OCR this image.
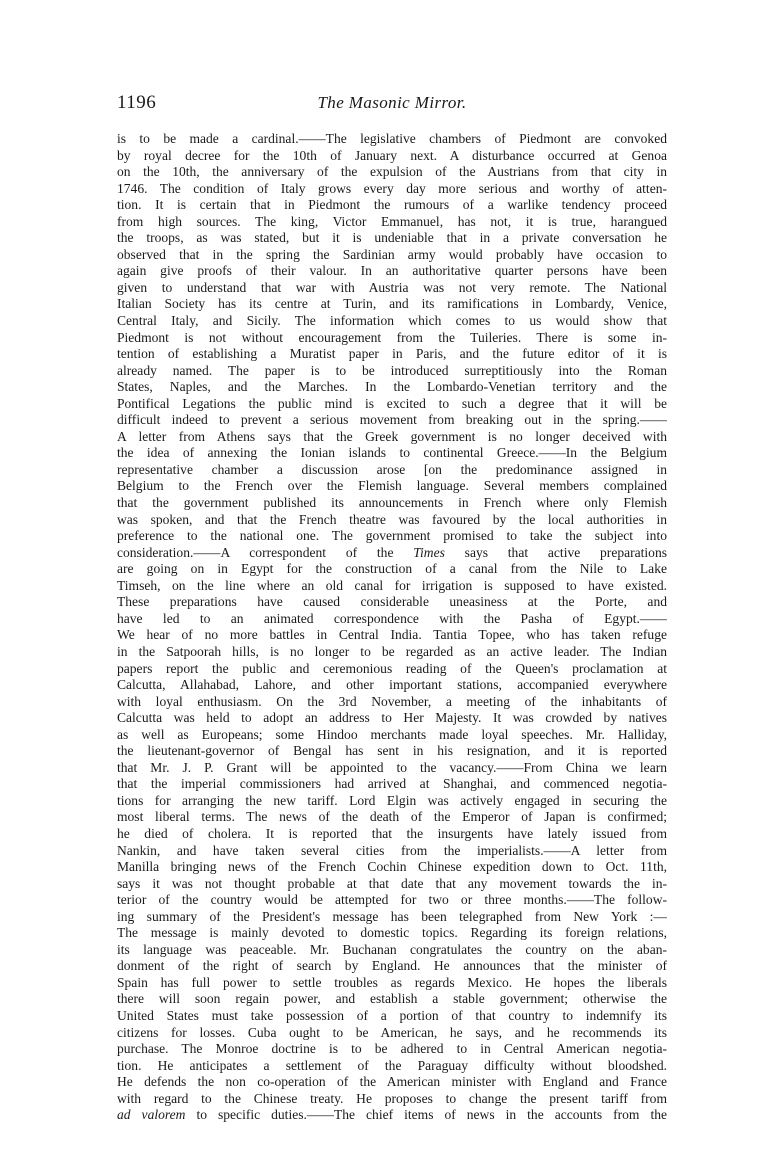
1196	The Masonic Mirror.
is to be made a cardinal.——The legislative chambers of Piedmont are convoked
by royal decree for the 10th of January next. A disturbance occurred at Genoa
on the 10th, the anniversary of the expulsion of the Austrians from that city in
1746. The condition of Italy grows every day more serious and worthy of atten-
tion. It is certain that in Piedmont the rumours of a warlike tendency proceed
from high sources. The king, Victor Emmanuel, has not, it is true, harangued
the troops, as was stated, but it is undeniable that in a private conversation he
observed that in the spring the Sardinian army would probably have occasion to
again give proofs of their valour. In an authoritative quarter persons have been
given to understand that war with Austria was not very remote. The National
Italian Society has its centre at Turin, and its ramifications in Lombardy, Venice,
Central Italy, and Sicily. The information which comes to us would show that
Piedmont is not without encouragement from the Tuileries. There is some in-
tention of establishing a Muratist paper in Paris, and the future editor of it is
already named. The paper is to be introduced surreptitiously into the Roman
States, Naples, and the Marches. In the Lombardo-Venetian territory and the
Pontifical Legations the public mind is excited to such a degree that it will be
difficult indeed to prevent a serious movement from breaking out in the spring.——
A letter from Athens says that the Greek government is no longer deceived with
the idea of annexing the Ionian islands to continental Greece.——In the Belgium
representative chamber a discussion arose [on the predominance assigned in
Belgium to the French over the Flemish language. Several members complained
that the government published its announcements in French where only Flemish
was spoken, and that the French theatre was favoured by the local authorities in
preference to the national one. The government promised to take the subject into
consideration.——A correspondent of the Times says that active preparations
are going on in Egypt for the construction of a canal from the Nile to Lake
Timseh, on the line where an old canal for irrigation is supposed to have existed.
These preparations have caused considerable uneasiness at the Porte, and
have led to an animated correspondence with the Pasha of Egypt.——
We hear of no more battles in Central India. Tantia Topee, who has taken refuge
in the Satpoorah hills, is no longer to be regarded as an active leader. The Indian
papers report the public and ceremonious reading of the Queen's proclamation at
Calcutta, Allahabad, Lahore, and other important stations, accompanied everywhere
with loyal enthusiasm. On the 3rd November, a meeting of the inhabitants of
Calcutta was held to adopt an address to Her Majesty. It was crowded by natives
as well as Europeans; some Hindoo merchants made loyal speeches. Mr. Halliday,
the lieutenant-governor of Bengal has sent in his resignation, and it is reported
that Mr. J. P. Grant will be appointed to the vacancy.——From China we learn
that the imperial commissioners had arrived at Shanghai, and commenced negotia-
tions for arranging the new tariff. Lord Elgin was actively engaged in securing the
most liberal terms. The news of the death of the Emperor of Japan is confirmed;
he died of cholera. It is reported that the insurgents have lately issued from
Nankin, and have taken several cities from the imperialists.——A letter from
Manilla bringing news of the French Cochin Chinese expedition down to Oct. 11th,
says it was not thought probable at that date that any movement towards the in-
terior of the country would be attempted for two or three months.——The follow-
ing summary of the President's message has been telegraphed from New York :—
The message is mainly devoted to domestic topics. Regarding its foreign relations,
its language was peaceable. Mr. Buchanan congratulates the country on the aban-
donment of the right of search by England. He announces that the minister of
Spain has full power to settle troubles as regards Mexico. He hopes the liberals
there will soon regain power, and establish a stable government; otherwise the
United States must take possession of a portion of that country to indemnify its
citizens for losses. Cuba ought to be American, he says, and he recommends its
purchase. The Monroe doctrine is to be adhered to in Central American negotia-
tion. He anticipates a settlement of the Paraguay difficulty without bloodshed.
He defends the non co-operation of the American minister with England and France
with regard to the Chinese treaty. He proposes to change the present tariff from
ad valorem to specific duties.——The chief items of news in the accounts from the
